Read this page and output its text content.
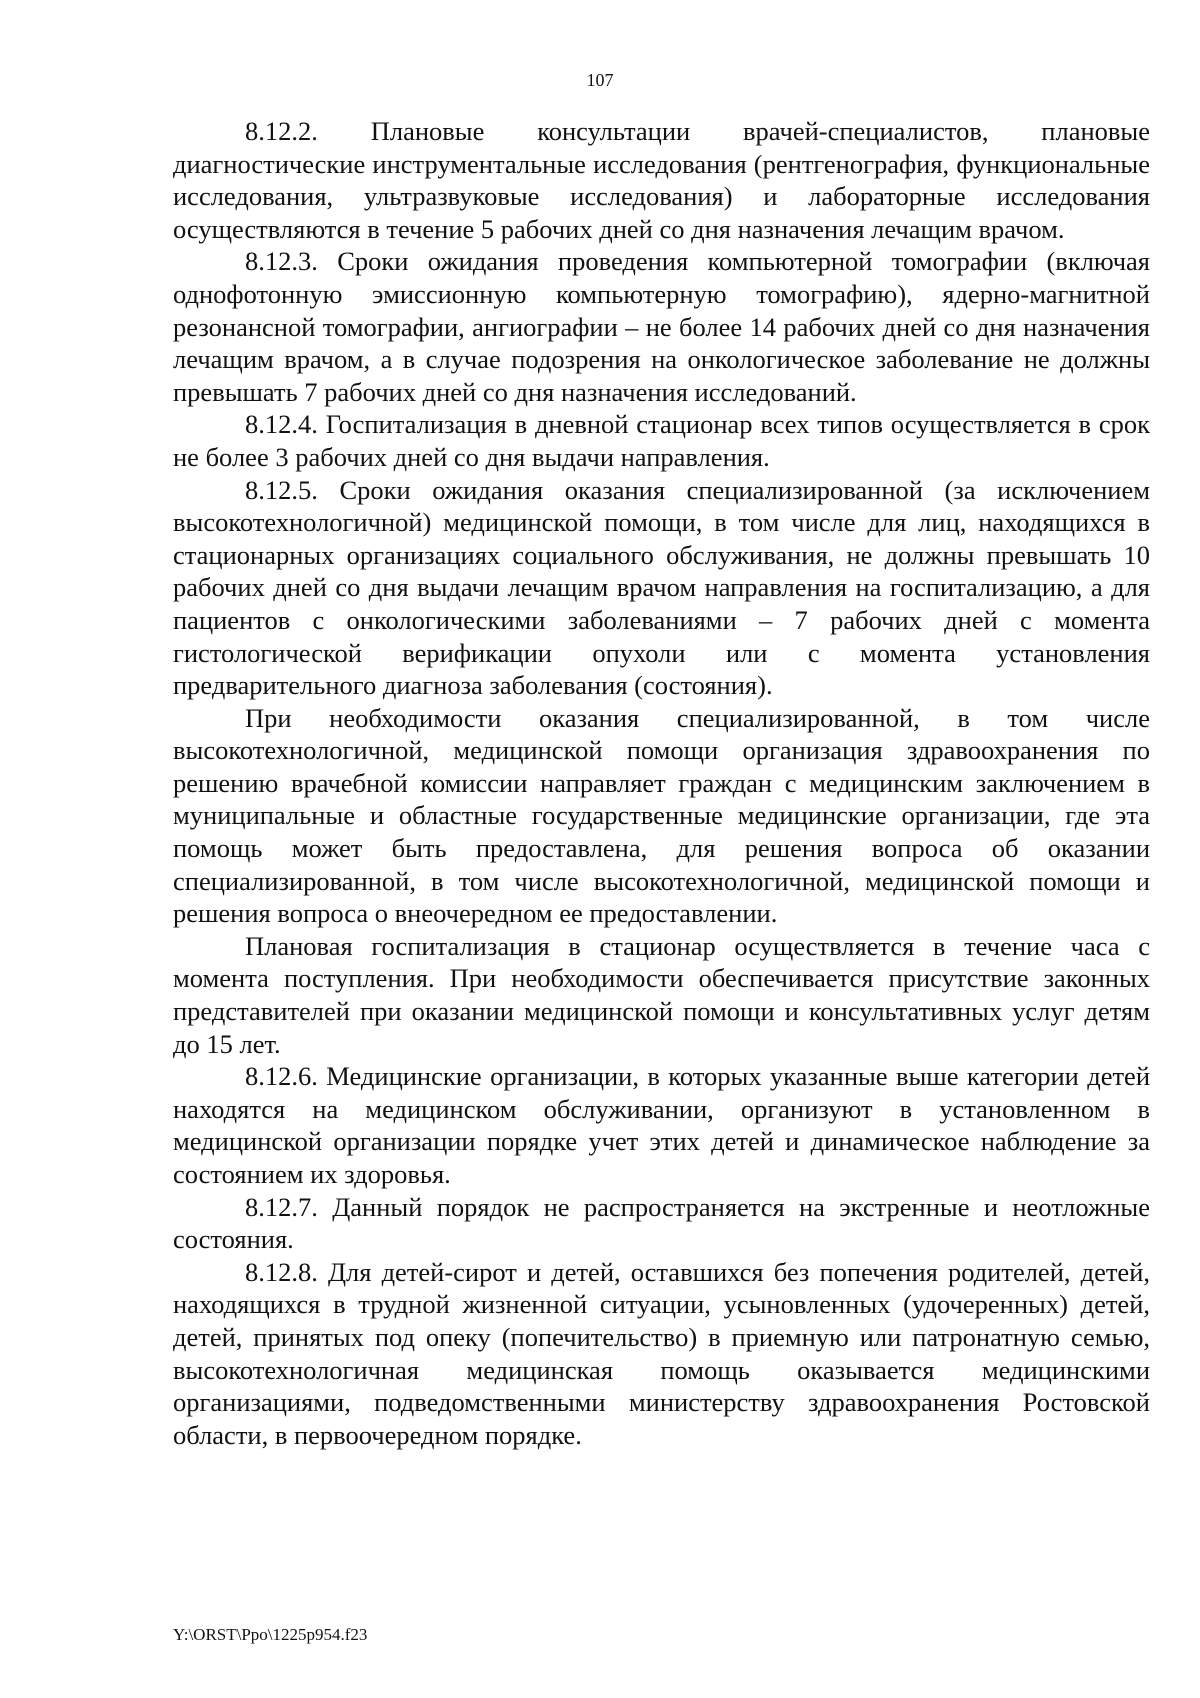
107

8.12.2. Плановые консультации врачей-специалистов, плановые диагностические инструментальные исследования (рентгенография, функциональные исследования, ультразвуковые исследования) и лабораторные исследования осуществляются в течение 5 рабочих дней со дня назначения лечащим врачом.

8.12.3. Сроки ожидания проведения компьютерной томографии (включая однофотонную эмиссионную компьютерную томографию), ядерно-магнитной резонансной томографии, ангиографии – не более 14 рабочих дней со дня назначения лечащим врачом, а в случае подозрения на онкологическое заболевание не должны превышать 7 рабочих дней со дня назначения исследований.

8.12.4. Госпитализация в дневной стационар всех типов осуществляется в срок не более 3 рабочих дней со дня выдачи направления.

8.12.5. Сроки ожидания оказания специализированной (за исключением высокотехнологичной) медицинской помощи, в том числе для лиц, находящихся в стационарных организациях социального обслуживания, не должны превышать 10 рабочих дней со дня выдачи лечащим врачом направления на госпитализацию, а для пациентов с онкологическими заболеваниями – 7 рабочих дней с момента гистологической верификации опухоли или с момента установления предварительного диагноза заболевания (состояния).

При необходимости оказания специализированной, в том числе высокотехнологичной, медицинской помощи организация здравоохранения по решению врачебной комиссии направляет граждан с медицинским заключением в муниципальные и областные государственные медицинские организации, где эта помощь может быть предоставлена, для решения вопроса об оказании специализированной, в том числе высокотехнологичной, медицинской помощи и решения вопроса о внеочередном ее предоставлении.

Плановая госпитализация в стационар осуществляется в течение часа с момента поступления. При необходимости обеспечивается присутствие законных представителей при оказании медицинской помощи и консультативных услуг детям до 15 лет.

8.12.6. Медицинские организации, в которых указанные выше категории детей находятся на медицинском обслуживании, организуют в установленном в медицинской организации порядке учет этих детей и динамическое наблюдение за состоянием их здоровья.

8.12.7. Данный порядок не распространяется на экстренные и неотложные состояния.

8.12.8. Для детей-сирот и детей, оставшихся без попечения родителей, детей, находящихся в трудной жизненной ситуации, усыновленных (удочеренных) детей, детей, принятых под опеку (попечительство) в приемную или патронатную семью, высокотехнологичная медицинская помощь оказывается медицинскими организациями, подведомственными министерству здравоохранения Ростовской области, в первоочередном порядке.

Y:\ORST\Ppo\1225p954.f23
